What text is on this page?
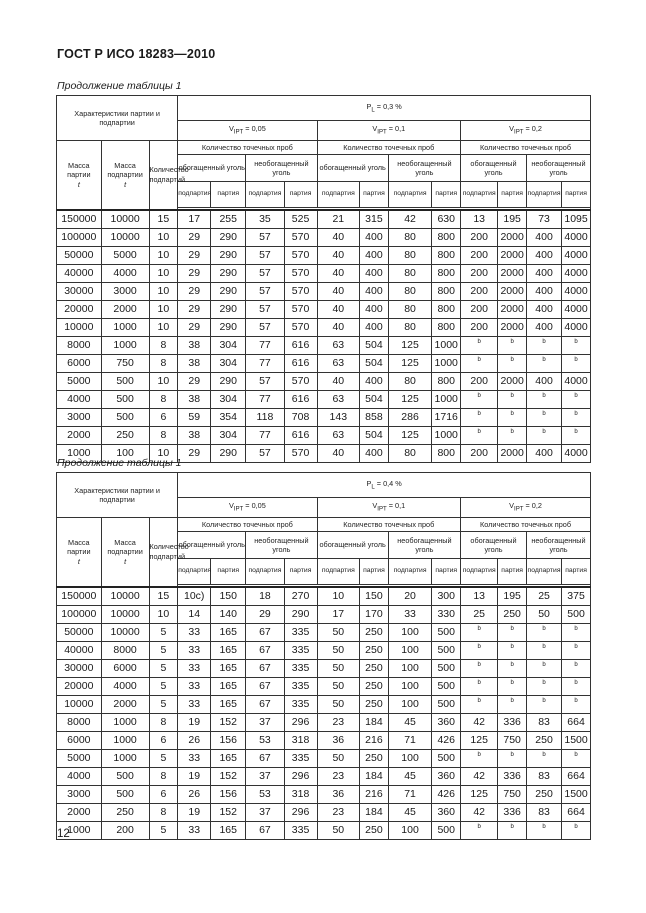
ГОСТ Р ИСО 18283—2010
Продолжение таблицы 1
Характеристики партии и подпартии			$P_L = 0,3$ %											
			$V_{IPT} = 0,05$				$V_{IPT} = 0,1$				$V_{IPT} = 0,2$			
Масса партии
t	Масса подпартии
t	Количество подпартий	Количество точечных проб				Количество точечных проб				Количество точечных проб			
			обогащенный уголь		необогащенный уголь		обогащенный уголь		необогащенный уголь		обогащенный уголь		необогащенный уголь	
			подпартия	партия	подпартия	партия	подпартия	партия	подпартия	партия	подпартия	партия	подпартия	партия

150000	10000	15	17	255	35	525	21	315	42	630	13	195	73	1095
100000	10000	10	29	290	57	570	40	400	80	800	200	2000	400	4000
50000	5000	10	29	290	57	570	40	400	80	800	200	2000	400	4000
40000	4000	10	29	290	57	570	40	400	80	800	200	2000	400	4000
30000	3000	10	29	290	57	570	40	400	80	800	200	2000	400	4000
20000	2000	10	29	290	57	570	40	400	80	800	200	2000	400	4000
10000	1000	10	29	290	57	570	40	400	80	800	200	2000	400	4000
8000	1000	8	38	304	77	616	63	504	125	1000	$^b$	$^b$	$^b$	$^b$
6000	750	8	38	304	77	616	63	504	125	1000	$^b$	$^b$	$^b$	$^b$
5000	500	10	29	290	57	570	40	400	80	800	200	2000	400	4000
4000	500	8	38	304	77	616	63	504	125	1000	$^b$	$^b$	$^b$	$^b$
3000	500	6	59	354	118	708	143	858	286	1716	$^b$	$^b$	$^b$	$^b$
2000	250	8	38	304	77	616	63	504	125	1000	$^b$	$^b$	$^b$	$^b$
1000	100	10	29	290	57	570	40	400	80	800	200	2000	400	4000
Продолжение таблицы 1
Характеристики партии и подпартии			$P_L = 0,4$ %											
			$V_{IPT} = 0,05$				$V_{IPT} = 0,1$				$V_{IPT} = 0,2$			
Масса партии
t	Масса подпартии
t	Количество подпартий	Количество точечных проб				Количество точечных проб				Количество точечных проб			
			обогащенный уголь		необогащенный уголь		обогащенный уголь		необогащенный уголь		обогащенный уголь		необогащенный уголь	
			подпартия	партия	подпартия	партия	подпартия	партия	подпартия	партия	подпартия	партия	подпартия	партия

150000	10000	15	10с)	150	18	270	10	150	20	300	13	195	25	375
100000	10000	10	14	140	29	290	17	170	33	330	25	250	50	500
50000	10000	5	33	165	67	335	50	250	100	500	$^b$	$^b$	$^b$	$^b$
40000	8000	5	33	165	67	335	50	250	100	500	$^b$	$^b$	$^b$	$^b$
30000	6000	5	33	165	67	335	50	250	100	500	$^b$	$^b$	$^b$	$^b$
20000	4000	5	33	165	67	335	50	250	100	500	$^b$	$^b$	$^b$	$^b$
10000	2000	5	33	165	67	335	50	250	100	500	$^b$	$^b$	$^b$	$^b$
8000	1000	8	19	152	37	296	23	184	45	360	42	336	83	664
6000	1000	6	26	156	53	318	36	216	71	426	125	750	250	1500
5000	1000	5	33	165	67	335	50	250	100	500	$^b$	$^b$	$^b$	$^b$
4000	500	8	19	152	37	296	23	184	45	360	42	336	83	664
3000	500	6	26	156	53	318	36	216	71	426	125	750	250	1500
2000	250	8	19	152	37	296	23	184	45	360	42	336	83	664
1000	200	5	33	165	67	335	50	250	100	500	$^b$	$^b$	$^b$	$^b$
12
